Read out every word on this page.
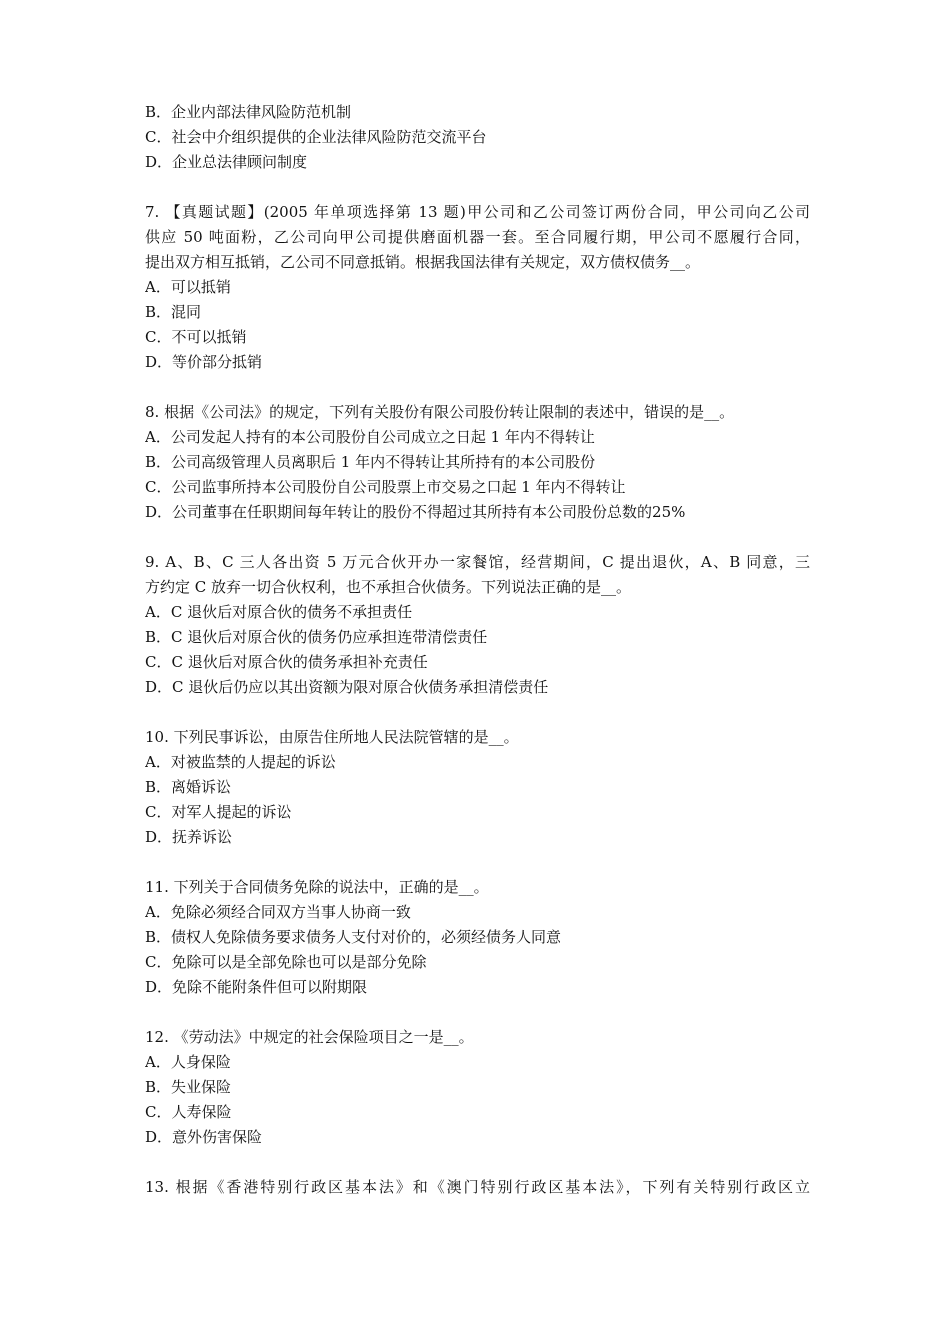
B．企业内部法律风险防范机制
C．社会中介组织提供的企业法律风险防范交流平台
D．企业总法律顾问制度
7. 【真题试题】(2005 年单项选择第 13 题)甲公司和乙公司签订两份合同，甲公司向乙公司
供应 50 吨面粉，乙公司向甲公司提供磨面机器一套。至合同履行期，甲公司不愿履行合同，
提出双方相互抵销，乙公司不同意抵销。根据我国法律有关规定，双方债权债务__。
A．可以抵销
B．混同
C．不可以抵销
D．等价部分抵销
8. 根据《公司法》的规定，下列有关股份有限公司股份转让限制的表述中，错误的是__。
A．公司发起人持有的本公司股份自公司成立之日起 1 年内不得转让
B．公司高级管理人员离职后 1 年内不得转让其所持有的本公司股份
C．公司监事所持本公司股份自公司股票上市交易之口起 1 年内不得转让
D．公司董事在任职期间每年转让的股份不得超过其所持有本公司股份总数的25%
9. A、B、C 三人各出资 5 万元合伙开办一家餐馆，经营期间，C 提出退伙，A、B 同意，三
方约定 C 放弃一切合伙权利，也不承担合伙债务。下列说法正确的是__。
A．C 退伙后对原合伙的债务不承担责任
B．C 退伙后对原合伙的债务仍应承担连带清偿责任
C．C 退伙后对原合伙的债务承担补充责任
D．C 退伙后仍应以其出资额为限对原合伙债务承担清偿责任
10. 下列民事诉讼，由原告住所地人民法院管辖的是__。
A．对被监禁的人提起的诉讼
B．离婚诉讼
C．对军人提起的诉讼
D．抚养诉讼
11. 下列关于合同债务免除的说法中，正确的是__。
A．免除必须经合同双方当事人协商一致
B．债权人免除债务要求债务人支付对价的，必须经债务人同意
C．免除可以是全部免除也可以是部分免除
D．免除不能附条件但可以附期限
12. 《劳动法》中规定的社会保险项目之一是__。
A．人身保险
B．失业保险
C．人寿保险
D．意外伤害保险
13. 根据《香港特别行政区基本法》和《澳门特别行政区基本法》，下列有关特别行政区立
